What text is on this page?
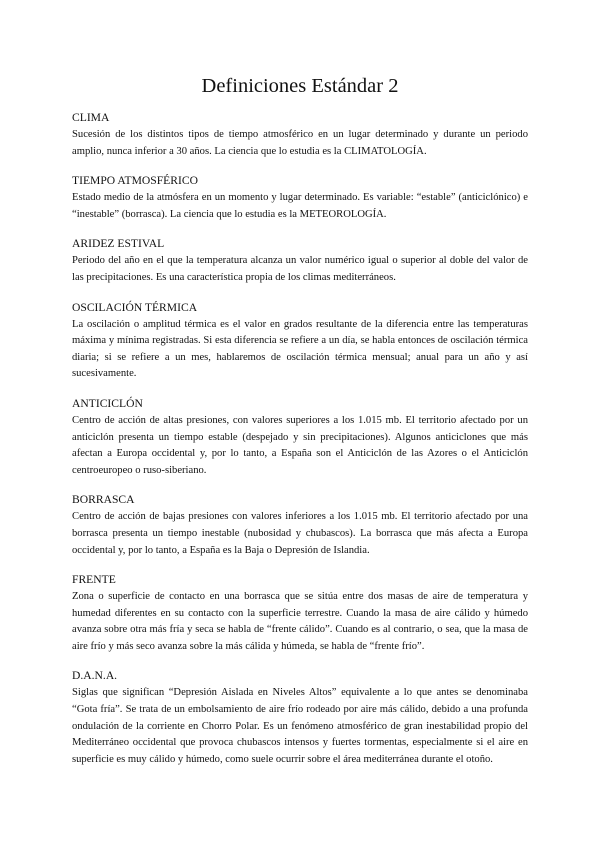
Definiciones Estándar 2
CLIMA

Sucesión de los distintos tipos de tiempo atmosférico en un lugar determinado y durante un periodo amplio, nunca inferior a 30 años. La ciencia que lo estudia es la CLIMATOLOGÍA.

TIEMPO ATMOSFÉRICO

Estado medio de la atmósfera en un momento y lugar determinado. Es variable: “estable” (anticiclónico) e “inestable” (borrasca). La ciencia que lo estudia es la METEOROLOGÍA.

ARIDEZ ESTIVAL

Periodo del año en el que la temperatura alcanza un valor numérico igual o superior al doble del valor de las precipitaciones. Es una característica propia de los climas mediterráneos.

OSCILACIÓN TÉRMICA

La oscilación o amplitud térmica es el valor en grados resultante de la diferencia entre las temperaturas máxima y mínima registradas. Si esta diferencia se refiere a un día, se habla entonces de oscilación térmica diaria; si se refiere a un mes, hablaremos de oscilación térmica mensual; anual para un año y así sucesivamente.

ANTICICLÓN

Centro de acción de altas presiones, con valores superiores a los 1.015 mb. El territorio afectado por un anticiclón presenta un tiempo estable (despejado y sin precipitaciones). Algunos anticiclones que más afectan a Europa occidental y, por lo tanto, a España son el Anticiclón de las Azores o el Anticiclón centroeuropeo o ruso-siberiano.

BORRASCA

Centro de acción de bajas presiones con valores inferiores a los 1.015 mb. El territorio afectado por una borrasca presenta un tiempo inestable (nubosidad y chubascos). La borrasca que más afecta a Europa occidental y, por lo tanto, a España es la Baja o Depresión de Islandia.

FRENTE

Zona o superficie de contacto en una borrasca que se sitúa entre dos masas de aire de temperatura y humedad diferentes en su contacto con la superficie terrestre. Cuando la masa de aire cálido y húmedo avanza sobre otra más fría y seca se habla de “frente cálido”. Cuando es al contrario, o sea, que la masa de aire frío y más seco avanza sobre la más cálida y húmeda, se habla de “frente frío”.

D.A.N.A.

Siglas que significan “Depresión Aislada en Niveles Altos” equivalente a lo que antes se denominaba “Gota fría”. Se trata de un embolsamiento de aire frío rodeado por aire más cálido, debido a una profunda ondulación de la corriente en Chorro Polar. Es un fenómeno atmosférico de gran inestabilidad propio del Mediterráneo occidental que provoca chubascos intensos y fuertes tormentas, especialmente si el aire en superficie es muy cálido y húmedo, como suele ocurrir sobre el área mediterránea durante el otoño.
